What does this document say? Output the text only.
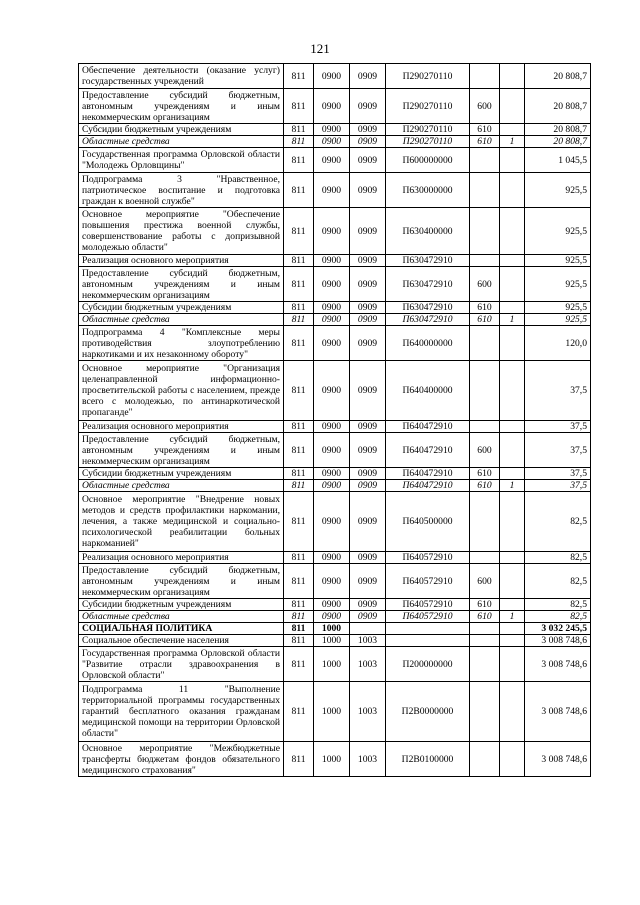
121
Обеспечение деятельности (оказание услуг) государственных учреждений	811	0900	0909	П290270110			20 808,7
Предоставление субсидий бюджетным, автономным учреждениям и иным некоммерческим организациям	811	0900	0909	П290270110	600		20 808,7
Субсидии бюджетным учреждениям	811	0900	0909	П290270110	610		20 808,7
Областные средства	811	0900	0909	П290270110	610	1	20 808,7
Государственная программа Орловской области "Молодежь Орловщины"	811	0900	0909	П600000000			1 045,5
Подпрограмма 3 "Нравственное, патриотическое воспитание и подготовка граждан к военной службе"	811	0900	0909	П630000000			925,5
Основное мероприятие "Обеспечение повышения престижа военной службы, совершенствование работы с допризывной молодежью области"	811	0900	0909	П630400000			925,5
Реализация основного мероприятия	811	0900	0909	П630472910			925,5
Предоставление субсидий бюджетным, автономным учреждениям и иным некоммерческим организациям	811	0900	0909	П630472910	600		925,5
Субсидии бюджетным учреждениям	811	0900	0909	П630472910	610		925,5
Областные средства	811	0900	0909	П630472910	610	1	925,5
Подпрограмма 4 "Комплексные меры противодействия злоупотреблению наркотиками и их незаконному обороту"	811	0900	0909	П640000000			120,0
Основное мероприятие "Организация целенаправленной информационно-просветительской работы с населением, прежде всего с молодежью, по антинаркотической пропаганде"	811	0900	0909	П640400000			37,5
Реализация основного мероприятия	811	0900	0909	П640472910			37,5
Предоставление субсидий бюджетным, автономным учреждениям и иным некоммерческим организациям	811	0900	0909	П640472910	600		37,5
Субсидии бюджетным учреждениям	811	0900	0909	П640472910	610		37,5
Областные средства	811	0900	0909	П640472910	610	1	37,5
Основное мероприятие "Внедрение новых методов и средств профилактики наркомании, лечения, а также медицинской и социально-психологической реабилитации больных наркоманией"	811	0900	0909	П640500000			82,5
Реализация основного мероприятия	811	0900	0909	П640572910			82,5
Предоставление субсидий бюджетным, автономным учреждениям и иным некоммерческим организациям	811	0900	0909	П640572910	600		82,5
Субсидии бюджетным учреждениям	811	0900	0909	П640572910	610		82,5
Областные средства	811	0900	0909	П640572910	610	1	82,5
СОЦИАЛЬНАЯ ПОЛИТИКА	811	1000					3 032 245,5
Социальное обеспечение населения	811	1000	1003				3 008 748,6
Государственная программа Орловской области "Развитие отрасли здравоохранения в Орловской области"	811	1000	1003	П200000000			3 008 748,6
Подпрограмма 11 "Выполнение территориальной программы государственных гарантий бесплатного оказания гражданам медицинской помощи на территории Орловской области"	811	1000	1003	П2В0000000			3 008 748,6
Основное мероприятие "Межбюджетные трансферты бюджетам фондов обязательного медицинского страхования"	811	1000	1003	П2В0100000			3 008 748,6
